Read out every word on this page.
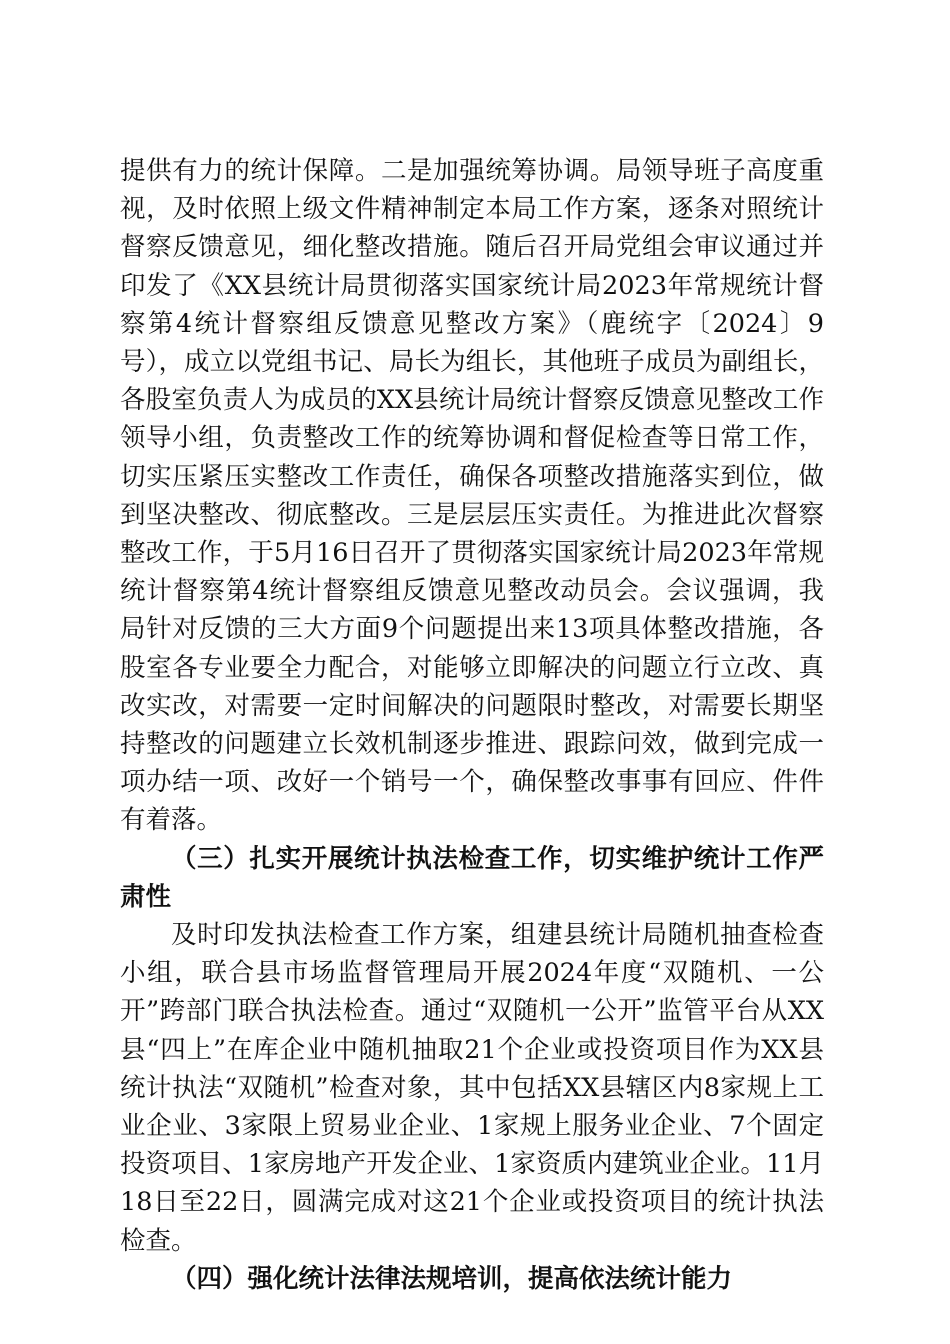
提供有力的统计保障。二是加强统筹协调。局领导班子高度重视，及时依照上级文件精神制定本局工作方案，逐条对照统计督察反馈意见，细化整改措施。随后召开局党组会审议通过并印发了《XX县统计局贯彻落实国家统计局2023年常规统计督察第4统计督察组反馈意见整改方案》（鹿统字〔2024〕9号），成立以党组书记、局长为组长，其他班子成员为副组长，各股室负责人为成员的XX县统计局统计督察反馈意见整改工作领导小组，负责整改工作的统筹协调和督促检查等日常工作，切实压紧压实整改工作责任，确保各项整改措施落实到位，做到坚决整改、彻底整改。三是层层压实责任。为推进此次督察整改工作，于5月16日召开了贯彻落实国家统计局2023年常规统计督察第4统计督察组反馈意见整改动员会。会议强调，我局针对反馈的三大方面9个问题提出来13项具体整改措施，各股室各专业要全力配合，对能够立即解决的问题立行立改、真改实改，对需要一定时间解决的问题限时整改，对需要长期坚持整改的问题建立长效机制逐步推进、跟踪问效，做到完成一项办结一项、改好一个销号一个，确保整改事事有回应、件件有着落。

（三）扎实开展统计执法检查工作，切实维护统计工作严肃性

及时印发执法检查工作方案，组建县统计局随机抽查检查小组，联合县市场监督管理局开展2024年度“双随机、一公开”跨部门联合执法检查。通过“双随机一公开”监管平台从XX县“四上”在库企业中随机抽取21个企业或投资项目作为XX县统计执法“双随机”检查对象，其中包括XX县辖区内8家规上工业企业、3家限上贸易业企业、1家规上服务业企业、7个固定投资项目、1家房地产开发企业、1家资质内建筑业企业。11月18日至22日，圆满完成对这21个企业或投资项目的统计执法检查。

（四）强化统计法律法规培训，提高依法统计能力
